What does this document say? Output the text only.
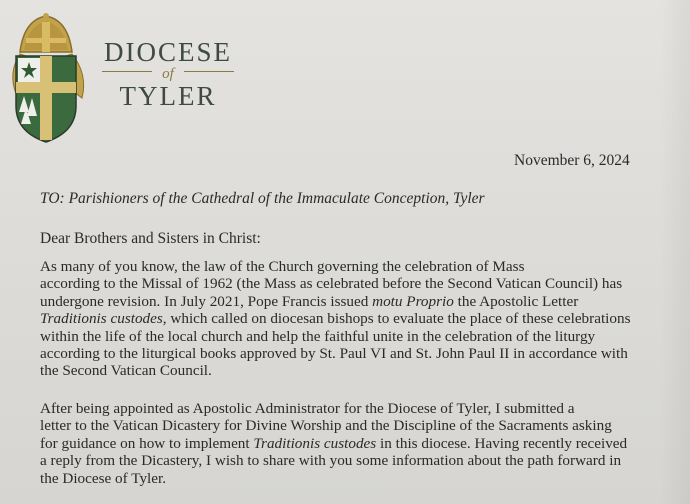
DIOCESE
of
TYLER
November 6, 2024
TO: Parishioners of the Cathedral of the Immaculate Conception, Tyler
Dear Brothers and Sisters in Christ:

As many of you know, the law of the Church governing the celebration of Mass
according to the Missal of 1962 (the Mass as celebrated before the Second Vatican Council) has
undergone revision. In July 2021, Pope Francis issued motu Proprio the Apostolic Letter
Traditionis custodes, which called on diocesan bishops to evaluate the place of these celebrations
within the life of the local church and help the faithful unite in the celebration of the liturgy
according to the liturgical books approved by St. Paul VI and St. John Paul II in accordance with
the Second Vatican Council.

After being appointed as Apostolic Administrator for the Diocese of Tyler, I submitted a
letter to the Vatican Dicastery for Divine Worship and the Discipline of the Sacraments asking
for guidance on how to implement Traditionis custodes in this diocese. Having recently received
a reply from the Dicastery, I wish to share with you some information about the path forward in
the Diocese of Tyler.
